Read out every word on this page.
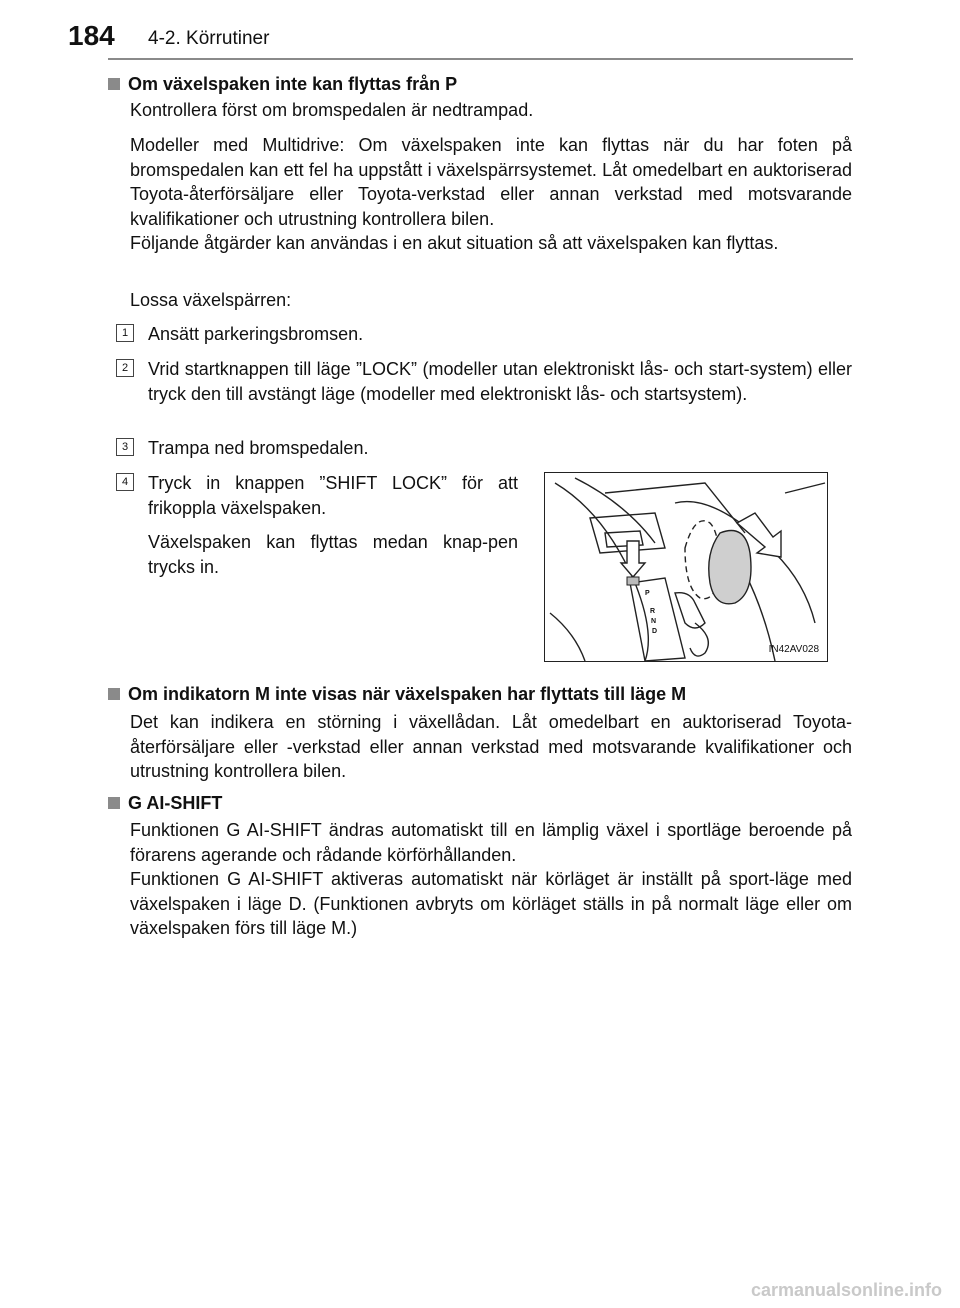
184 4-2. Körrutiner
Om växelspaken inte kan flyttas från P
Kontrollera först om bromspedalen är nedtrampad.
Modeller med Multidrive: Om växelspaken inte kan flyttas när du har foten på bromspedalen kan ett fel ha uppstått i växelspärrsystemet. Låt omedelbart en auktoriserad Toyota-återförsäljare eller Toyota-verkstad eller annan verkstad med motsvarande kvalifikationer och utrustning kontrollera bilen.
Följande åtgärder kan användas i en akut situation så att växelspaken kan flyttas.
Lossa växelspärren:
1	Ansätt parkeringsbromsen.
2	Vrid startknappen till läge ”LOCK” (modeller utan elektroniskt lås- och start-system) eller tryck den till avstängt läge (modeller med elektroniskt lås- och startsystem).
3	Trampa ned bromspedalen.
4	Tryck in knappen ”SHIFT LOCK” för att frikoppla växelspaken.
Växelspaken kan flyttas medan knap-pen trycks in.
P
R
N
D
IN42AV028
Om indikatorn M inte visas när växelspaken har flyttats till läge M
Det kan indikera en störning i växellådan. Låt omedelbart en auktoriserad Toyota-återförsäljare eller -verkstad eller annan verkstad med motsvarande kvalifikationer och utrustning kontrollera bilen.
G AI-SHIFT
Funktionen G AI-SHIFT ändras automatiskt till en lämplig växel i sportläge beroende på förarens agerande och rådande körförhållanden.
Funktionen G AI-SHIFT aktiveras automatiskt när körläget är inställt på sport-läge med växelspaken i läge D. (Funktionen avbryts om körläget ställs in på normalt läge eller om växelspaken förs till läge M.)
carmanualsonline.info
